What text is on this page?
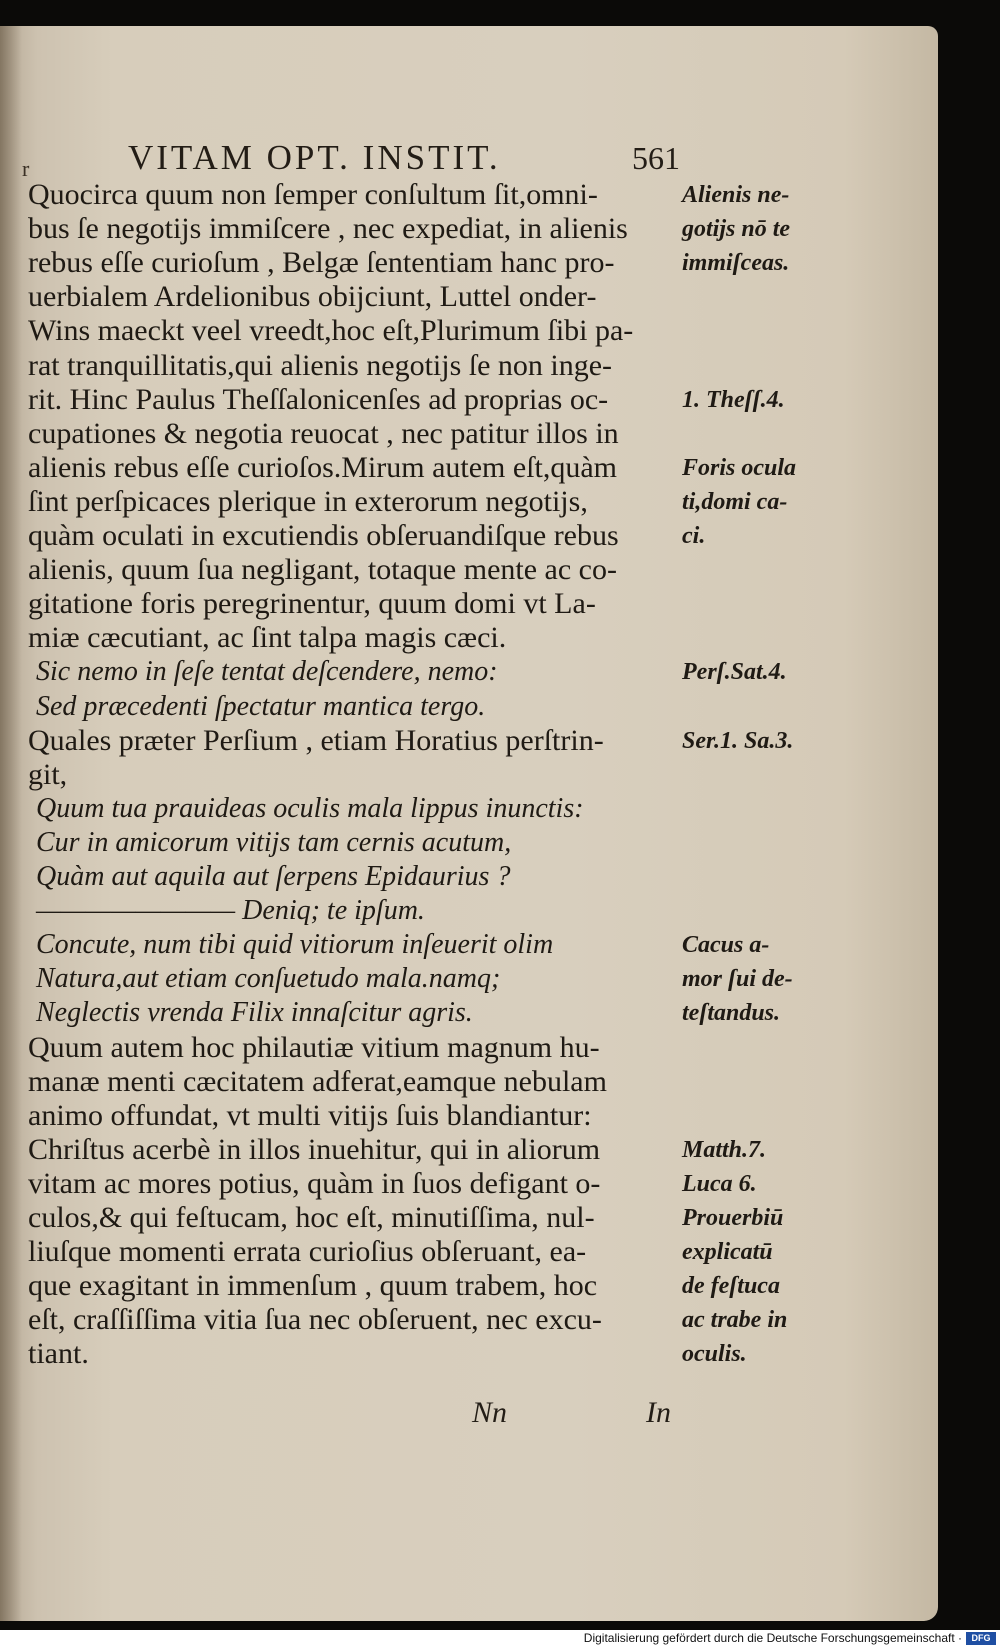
r	VITAM OPT. INSTIT.	561
Quocirca quum non ſemper conſultum ſit,omni-	Alienis ne-
bus ſe negotijs immiſcere , nec expediat, in alienis gotijs nō te
rebus eſſe curioſum , Belgæ ſententiam hanc pro-	immiſceas.
uerbialem Ardelionibus obijciunt, Luttel onder-
Wins maeckt veel vreedt,hoc eſt,Plurimum ſibi pa-
rat tranquillitatis,qui alienis negotijs ſe non inge-
rit. Hinc Paulus Theſſalonicenſes ad proprias oc-	1. Theſſ.4.
cupationes & negotia reuocat , nec patitur illos in
alienis rebus eſſe curioſos.Mirum autem eſt,quàm	Foris ocula
ſint perſpicaces plerique in exterorum negotijs,	ti,domi ca-
quàm oculati in excutiendis obſeruandiſque rebus	ci.
alienis, quum ſua negligant, totaque mente ac co-
gitatione foris peregrinentur, quum domi vt La-
miæ cæcutiant, ac ſint talpa magis cæci.
Sic nemo in ſeſe tentat deſcendere, nemo:	Perſ.Sat.4.
Sed præcedenti ſpectatur mantica tergo.
Quales præter Perſium , etiam Horatius perſtrin-	Ser.1. Sa.3.
git,
Quum tua prauideas oculis mala lippus inunctis:
Cur in amicorum vitijs tam cernis acutum,
Quàm aut aquila aut ſerpens Epidaurius ?
———————— Deniq; te ipſum.
Concute, num tibi quid vitiorum inſeuerit olim	Cacus a-
Natura,aut etiam conſuetudo mala.namq;	mor ſui de-
Neglectis vrenda Filix innaſcitur agris.	teſtandus.
Quum autem hoc philautiæ vitium magnum hu-
manæ menti cæcitatem adferat,eamque nebulam
animo offundat, vt multi vitijs ſuis blandiantur:
Chriſtus acerbè in illos inuehitur, qui in aliorum	Matth.7.
vitam ac mores potius, quàm in ſuos defigant o-	Luca 6.
culos,& qui feſtucam, hoc eſt, minutiſſima, nul-	Prouerbiū
liuſque momenti errata curioſius obſeruant, ea-	explicatū
que exagitant in immenſum , quum trabem, hoc	de feſtuca
eſt, craſſiſſima vitia ſua nec obſeruent, nec excu-	ac trabe in
tiant.	oculis.
Nn	In
Digitalisierung gefördert durch die Deutsche Forschungsgemeinschaft ·	DFG
